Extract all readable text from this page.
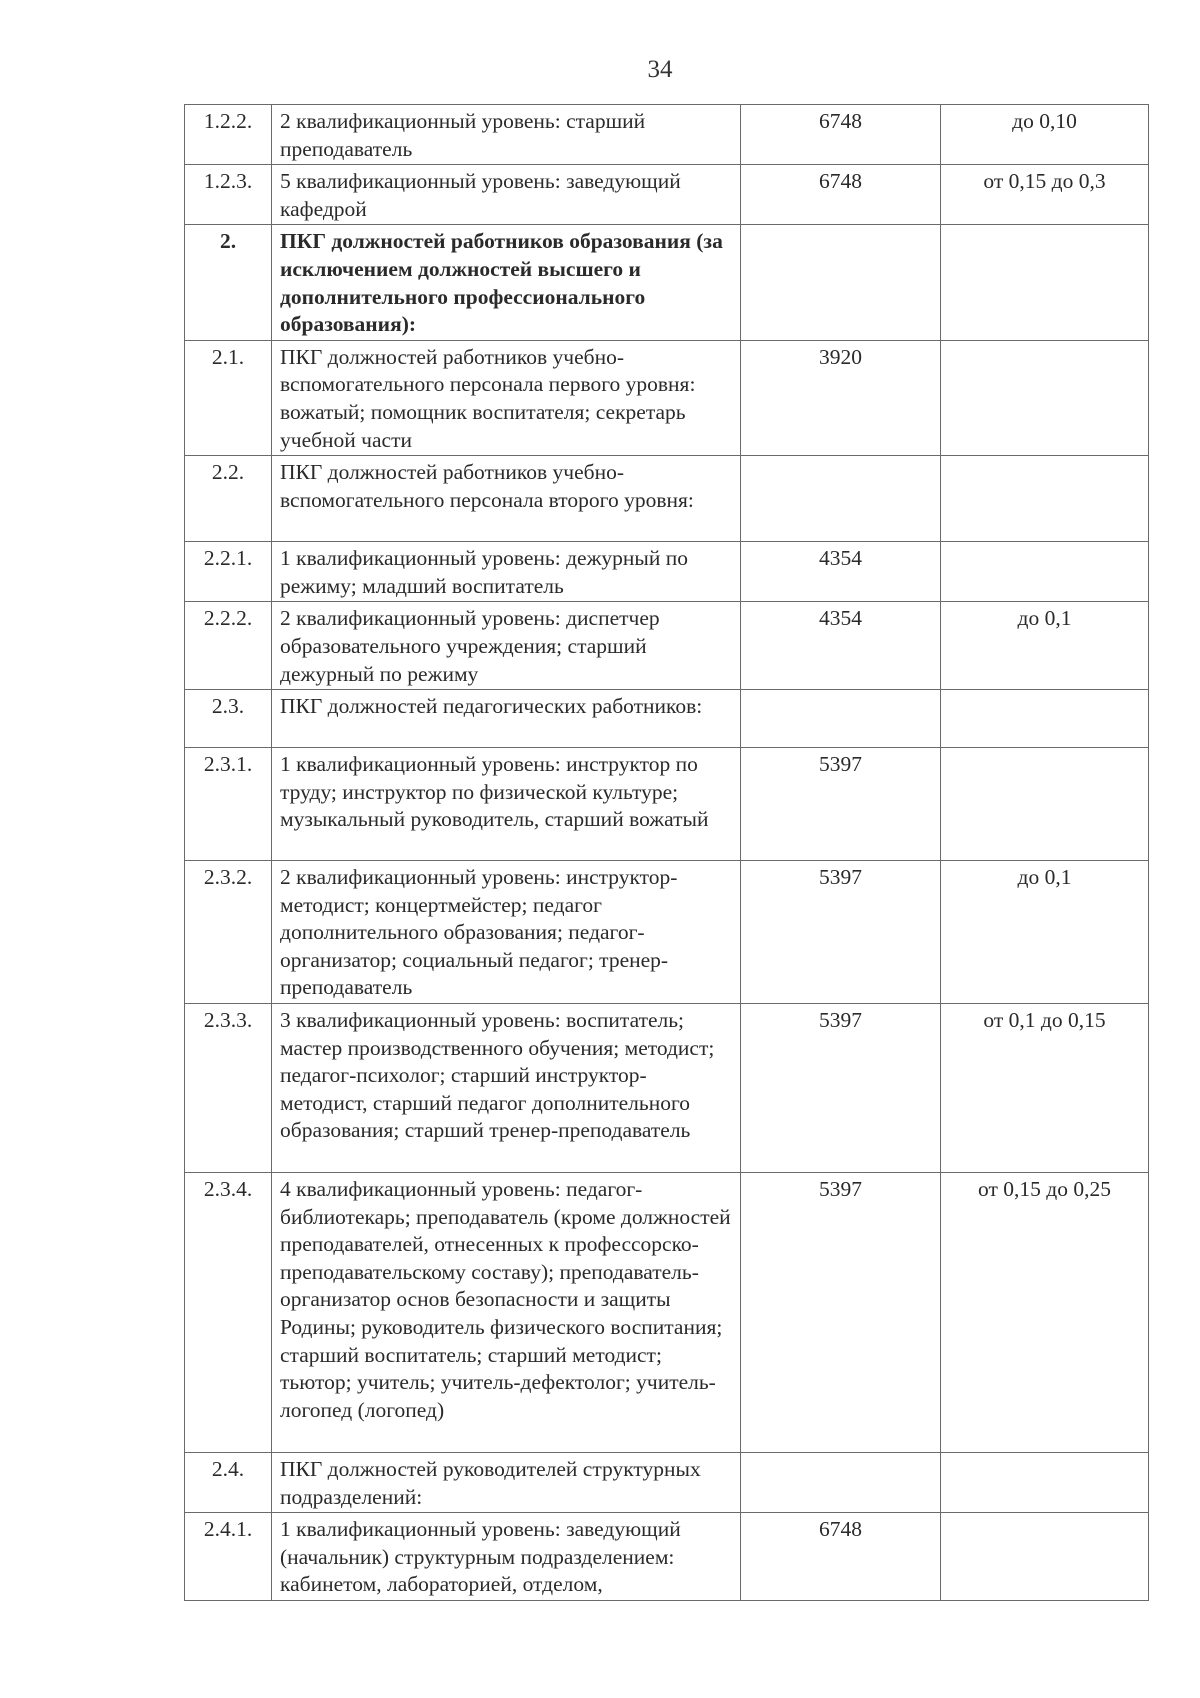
34
1.2.2.	2 квалификационный уровень: старший преподаватель	6748	до 0,10
1.2.3.	5 квалификационный уровень: заведующий кафедрой	6748	от 0,15 до 0,3
2.	ПКГ должностей работников образования (за исключением должностей высшего и дополнительного профессионального образования):		
2.1.	ПКГ должностей работников учебно-вспомогательного персонала первого уровня: вожатый; помощник воспитателя; секретарь учебной части	3920	
2.2.	ПКГ должностей работников учебно-вспомогательного персонала второго уровня:		
2.2.1.	1 квалификационный уровень: дежурный по режиму; младший воспитатель	4354	
2.2.2.	2 квалификационный уровень: диспетчер образовательного учреждения; старший дежурный по режиму	4354	до 0,1
2.3.	ПКГ должностей педагогических работников:		
2.3.1.	1 квалификационный уровень: инструктор по труду; инструктор по физической культуре; музыкальный руководитель, старший вожатый	5397	
2.3.2.	2 квалификационный уровень: инструктор-методист; концертмейстер; педагог дополнительного образования; педагог-организатор; социальный педагог; тренер-преподаватель	5397	до 0,1
2.3.3.	3 квалификационный уровень: воспитатель; мастер производственного обучения; методист; педагог-психолог; старший инструктор-методист, старший педагог дополнительного образования; старший тренер-преподаватель	5397	от 0,1 до 0,15
2.3.4.	4 квалификационный уровень: педагог-библиотекарь; преподаватель (кроме должностей преподавателей, отнесенных к профессорско-преподавательскому составу); преподаватель-организатор основ безопасности и защиты Родины; руководитель физического воспитания; старший воспитатель; старший методист; тьютор; учитель; учитель-дефектолог; учитель-логопед (логопед)	5397	от 0,15 до 0,25
2.4.	ПКГ должностей руководителей структурных подразделений:		
2.4.1.	1 квалификационный уровень: заведующий (начальник) структурным подразделением: кабинетом, лабораторией, отделом,	6748	
